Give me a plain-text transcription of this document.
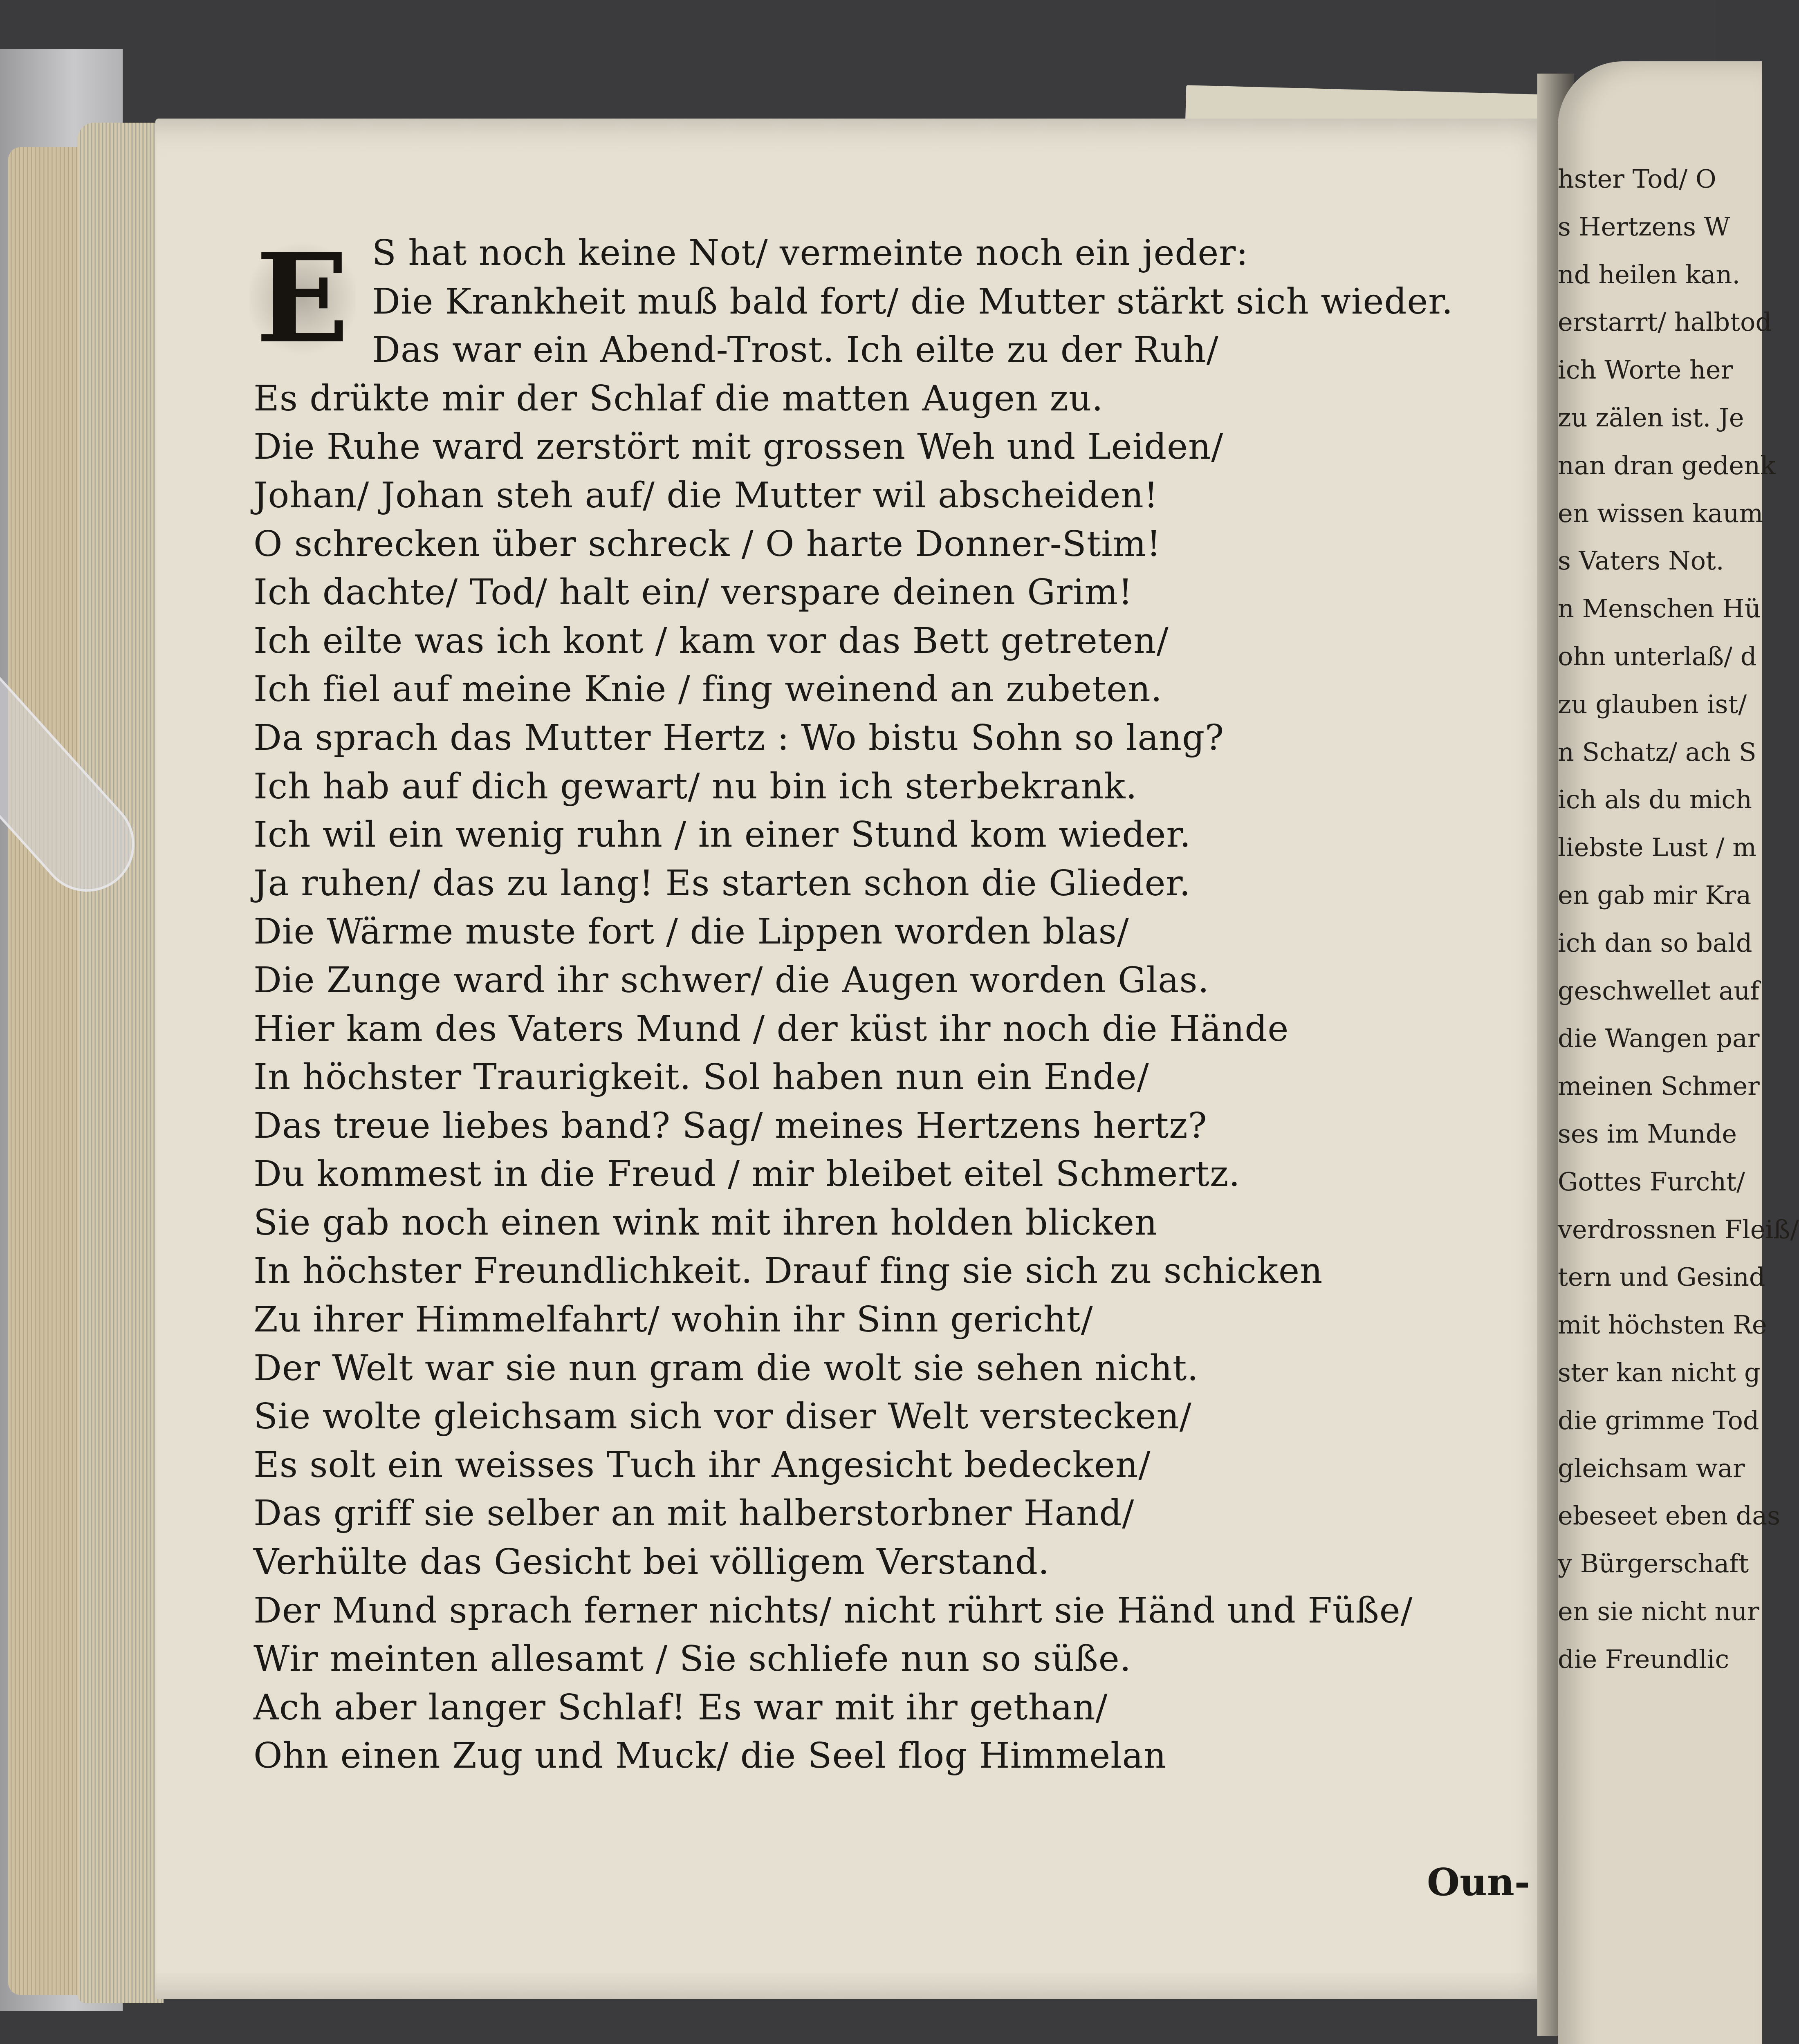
E S hat noch keine Not/ vermeinte noch ein jeder:
Die Krankheit muß bald fort/ die Mutter stärkt sich wieder.
Das war ein Abend-Trost. Ich eilte zu der Ruh/
Es drükte mir der Schlaf die matten Augen zu.
Die Ruhe ward zerstört mit grossen Weh und Leiden/
Johan/ Johan steh auf/ die Mutter wil abscheiden!
O schrecken über schreck / O harte Donner-Stim!
Ich dachte/ Tod/ halt ein/ verspare deinen Grim!
Ich eilte was ich kont / kam vor das Bett getreten/
Ich fiel auf meine Knie / fing weinend an zubeten.
Da sprach das Mutter Hertz : Wo bistu Sohn so lang?
Ich hab auf dich gewart/ nu bin ich sterbekrank.
Ich wil ein wenig ruhn / in einer Stund kom wieder.
Ja ruhen/ das zu lang! Es starten schon die Glieder.
Die Wärme muste fort / die Lippen worden blas/
Die Zunge ward ihr schwer/ die Augen worden Glas.
Hier kam des Vaters Mund / der küst ihr noch die Hände
In höchster Traurigkeit. Sol haben nun ein Ende/
Das treue liebes band? Sag/ meines Hertzens hertz?
Du kommest in die Freud / mir bleibet eitel Schmertz.
Sie gab noch einen wink mit ihren holden blicken
In höchster Freundlichkeit. Drauf fing sie sich zu schicken
Zu ihrer Himmelfahrt/ wohin ihr Sinn gericht/
Der Welt war sie nun gram die wolt sie sehen nicht.
Sie wolte gleichsam sich vor diser Welt verstecken/
Es solt ein weisses Tuch ihr Angesicht bedecken/
Das griff sie selber an mit halberstorbner Hand/
Verhülte das Gesicht bei völligem Verstand.
Der Mund sprach ferner nichts/ nicht rührt sie Händ und Füße/
Wir meinten allesamt / Sie schliefe nun so süße.
Ach aber langer Schlaf! Es war mit ihr gethan/
Ohn einen Zug und Muck/ die Seel flog Himmelan
Oun-
hster Tod/ O
s Hertzens W
nd heilen kan.
erstarrt/ halbtod
ich Worte her
zu zälen ist. Je
nan dran gedenk
en wissen kaum
s Vaters Not.
n Menschen Hü
ohn unterlaß/ d
zu glauben ist/
n Schatz/ ach S
ich als du mich
liebste Lust / m
en gab mir Kra
ich dan so bald
geschwellet auf
die Wangen par
meinen Schmer
ses im Munde
Gottes Furcht/
verdrossnen Fleiß/
tern und Gesind
mit höchsten Re
ster kan nicht g
die grimme Tod
gleichsam war
ebeseet eben das
y Bürgerschaft
en sie nicht nur
die Freundlic
